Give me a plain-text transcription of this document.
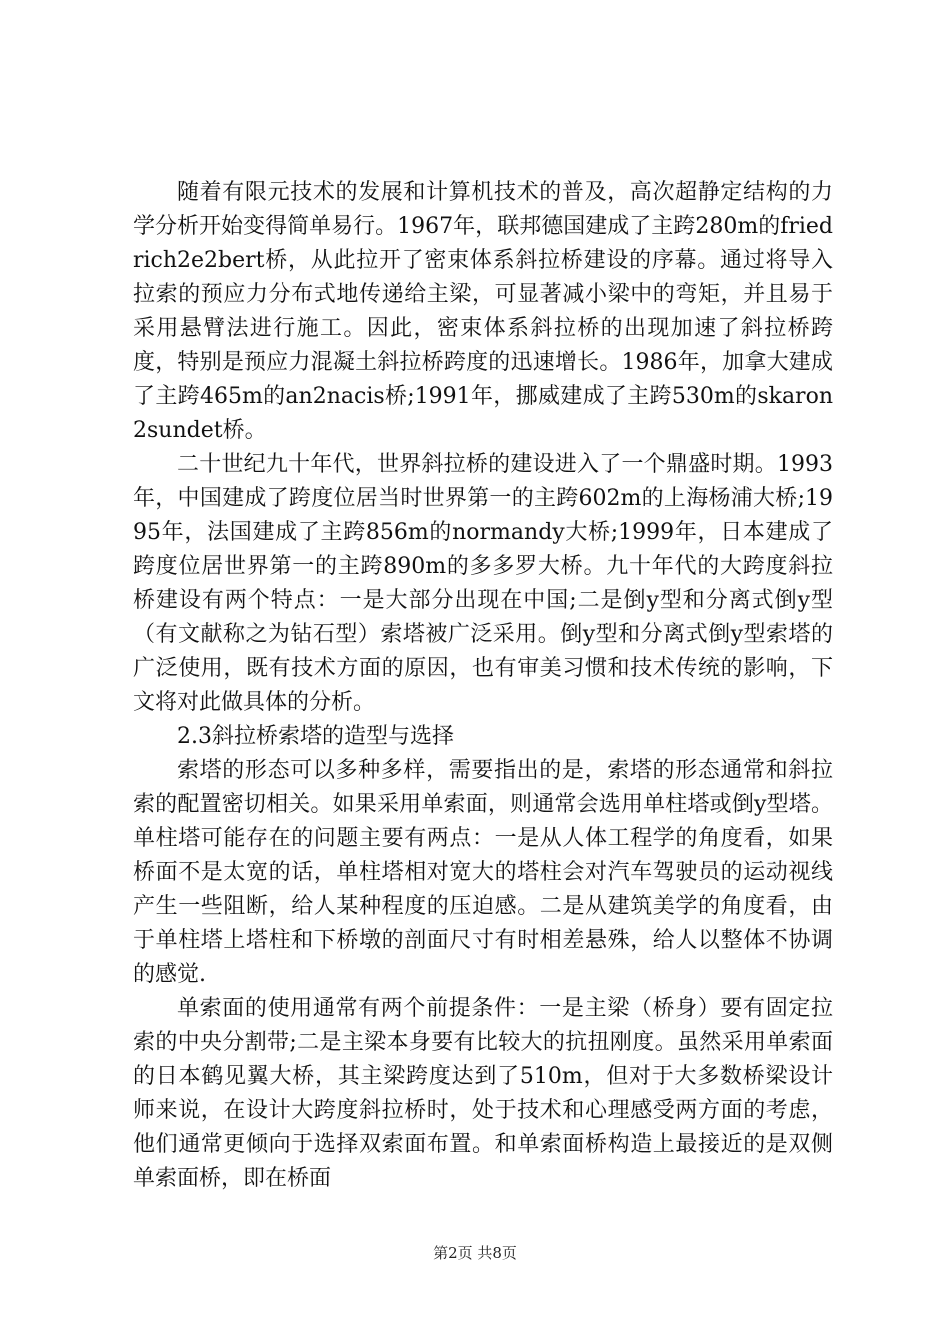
随着有限元技术的发展和计算机技术的普及，高次超静定结构的力学分析开始变得简单易行。1967年，联邦德国建成了主跨280m的friedrich2e2bert桥，从此拉开了密束体系斜拉桥建设的序幕。通过将导入拉索的预应力分布式地传递给主梁，可显著减小梁中的弯矩，并且易于采用悬臂法进行施工。因此，密束体系斜拉桥的出现加速了斜拉桥跨度，特别是预应力混凝土斜拉桥跨度的迅速增长。1986年，加拿大建成了主跨465m的an2nacis桥;1991年，挪威建成了主跨530m的skaron2sundet桥。

二十世纪九十年代，世界斜拉桥的建设进入了一个鼎盛时期。1993年，中国建成了跨度位居当时世界第一的主跨602m的上海杨浦大桥;1995年，法国建成了主跨856m的normandy大桥;1999年，日本建成了跨度位居世界第一的主跨890m的多多罗大桥。九十年代的大跨度斜拉桥建设有两个特点：一是大部分出现在中国;二是倒y型和分离式倒y型（有文献称之为钻石型）索塔被广泛采用。倒y型和分离式倒y型索塔的广泛使用，既有技术方面的原因，也有审美习惯和技术传统的影响，下文将对此做具体的分析。

2.3斜拉桥索塔的造型与选择

索塔的形态可以多种多样，需要指出的是，索塔的形态通常和斜拉索的配置密切相关。如果采用单索面，则通常会选用单柱塔或倒y型塔。单柱塔可能存在的问题主要有两点：一是从人体工程学的角度看，如果桥面不是太宽的话，单柱塔相对宽大的塔柱会对汽车驾驶员的运动视线产生一些阻断，给人某种程度的压迫感。二是从建筑美学的角度看，由于单柱塔上塔柱和下桥墩的剖面尺寸有时相差悬殊，给人以整体不协调的感觉.

单索面的使用通常有两个前提条件：一是主梁（桥身）要有固定拉索的中央分割带;二是主梁本身要有比较大的抗扭刚度。虽然采用单索面的日本鹤见翼大桥，其主梁跨度达到了510m，但对于大多数桥梁设计师来说，在设计大跨度斜拉桥时，处于技术和心理感受两方面的考虑，他们通常更倾向于选择双索面布置。和单索面桥构造上最接近的是双侧单索面桥，即在桥面

第2页 共8页
